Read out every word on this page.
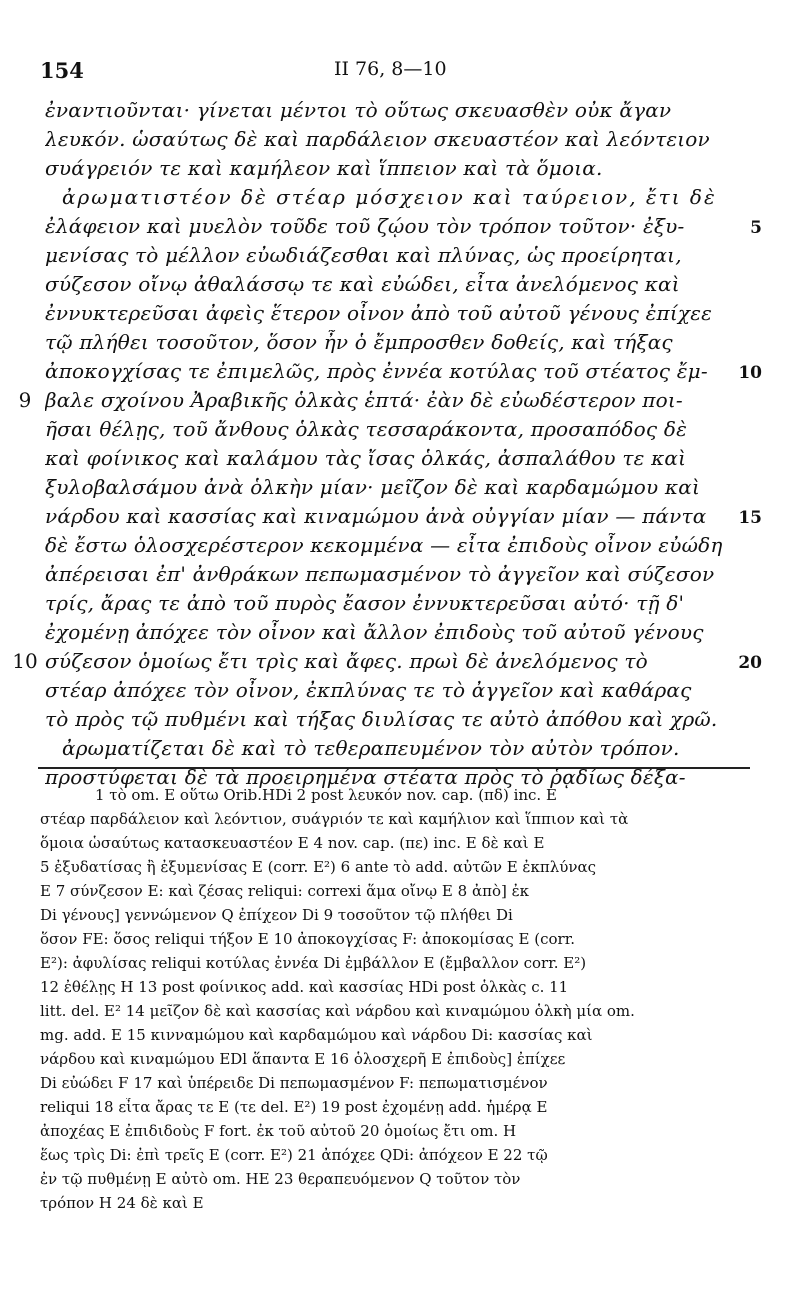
154	II 76, 8—10
ἐναντιοῦνται· γίνεται μέντοι τὸ οὕτως σκευασθὲν οὐκ ἄγαν
λευκόν. ὡσαύτως δὲ καὶ παρδάλειον σκευαστέον καὶ λεόντειον
συάγρειόν τε καὶ καμήλεον καὶ ἵππειον καὶ τὰ ὅμοια.
ἀρωματιστέον δὲ στέαρ μόσχειον καὶ ταύρειον, ἔτι δὲ
ἐλάφειον καὶ μυελὸν τοῦδε τοῦ ζῴου τὸν τρόπον τοῦτον· ἐξυ-
μενίσας τὸ μέλλον εὐωδιάζεσθαι καὶ πλύνας, ὡς προείρηται,
σύζεσον οἴνῳ ἀθαλάσσῳ τε καὶ εὐώδει, εἶτα ἀνελόμενος καὶ
ἐννυκτερεῦσαι ἀφεὶς ἕτερον οἶνον ἀπὸ τοῦ αὐτοῦ γένους ἐπίχεε
τῷ πλήθει τοσοῦτον, ὅσον ἦν ὁ ἔμπροσθεν δοθείς, καὶ τήξας
ἀποκογχίσας τε ἐπιμελῶς, πρὸς ἐννέα κοτύλας τοῦ στέατος ἔμ-
βαλε σχοίνου Ἀραβικῆς ὁλκὰς ἑπτά· ἐὰν δὲ εὐωδέστερον ποι-
ῆσαι θέλῃς, τοῦ ἄνθους ὁλκὰς τεσσαράκοντα, προσαπόδος δὲ
καὶ φοίνικος καὶ καλάμου τὰς ἴσας ὁλκάς, ἀσπαλάθου τε καὶ
ξυλοβαλσάμου ἀνὰ ὁλκὴν μίαν· μεῖζον δὲ καὶ καρδαμώμου καὶ
νάρδου καὶ κασσίας καὶ κιναμώμου ἀνὰ οὐγγίαν μίαν — πάντα
δὲ ἔστω ὁλοσχερέστερον κεκομμένα — εἶτα ἐπιδοὺς οἶνον εὐώδη
ἀπέρεισαι ἐπ' ἀνθράκων πεπωμασμένον τὸ ἀγγεῖον καὶ σύζεσον
τρίς, ἄρας τε ἀπὸ τοῦ πυρὸς ἔασον ἐννυκτερεῦσαι αὐτό· τῇ δ'
ἐχομένῃ ἀπόχεε τὸν οἶνον καὶ ἄλλον ἐπιδοὺς τοῦ αὐτοῦ γένους
σύζεσον ὁμοίως ἔτι τρὶς καὶ ἄφες. πρωὶ δὲ ἀνελόμενος τὸ
στέαρ ἀπόχεε τὸν οἶνον, ἐκπλύνας τε τὸ ἀγγεῖον καὶ καθάρας
τὸ πρὸς τῷ πυθμένι καὶ τήξας διυλίσας τε αὐτὸ ἀπόθου καὶ χρῶ.
ἀρωματίζεται δὲ καὶ τὸ τεθεραπευμένον τὸν αὐτὸν τρόπον.
προστύφεται δὲ τὰ προειρημένα στέατα πρὸς τὸ ῥᾳδίως δέξα-
5
10
15
20
9
10
1 τὸ om. E οὕτω Orib.HDi 2 post λευκόν nov. cap. (πδ) inc. E
στέαρ παρδάλειον καὶ λεόντιον, συάγριόν τε καὶ καμήλιον καὶ ἵππιον καὶ τὰ
ὅμοια ὡσαύτως κατασκευαστέον E 4 nov. cap. (πε) inc. E δὲ καὶ E
5 ἐξυδατίσας ἢ ἐξυμενίσας E (corr. E²) 6 ante τὸ add. αὐτῶν E ἐκπλύνας
E 7 σύνζεσον E: καὶ ζέσας reliqui: correxi ἅμα οἴνῳ E 8 ἀπὸ] ἐκ
Di γένους] γεννώμενον Q ἐπίχεον Di 9 τοσοῦτον τῷ πλήθει Di
ὅσον FE: ὅσος reliqui τήξον E 10 ἀποκογχίσας F: ἀποκομίσας E (corr.
E²): ἀφυλίσας reliqui κοτύλας ἐννέα Di ἐμβάλλον E (ἔμβαλλον corr. E²)
12 ἐθέλῃς H 13 post φοίνικος add. καὶ κασσίας HDi post ὁλκὰς c. 11
litt. del. E² 14 μεῖζον δὲ καὶ κασσίας καὶ νάρδου καὶ κιναμώμου ὁλκὴ μία om.
mg. add. E 15 κινναμώμου καὶ καρδαμώμου καὶ νάρδου Di: κασσίας καὶ
νάρδου καὶ κιναμώμου EDl ἅπαντα E 16 ὁλοσχερῆ E ἐπιδοὺς] ἐπίχεε
Di εὐώδει F 17 καὶ ὑπέρειδε Di πεπωμασμένον F: πεπωματισμένον
reliqui 18 εἶτα ἄρας τε E (τε del. E²) 19 post ἐχομένῃ add. ἡμέρᾳ E
ἀποχέας E ἐπιδιδοὺς F fort. ἐκ τοῦ αὐτοῦ 20 ὁμοίως ἔτι om. H
ἕως τρὶς Di: ἐπὶ τρεῖς E (corr. E²) 21 ἀπόχεε QDi: ἀπόχεον E 22 τῷ
ἐν τῷ πυθμένῃ E αὐτὸ om. HE 23 θεραπευόμενον Q τοῦτον τὸν
τρόπον H 24 δὲ καὶ E
